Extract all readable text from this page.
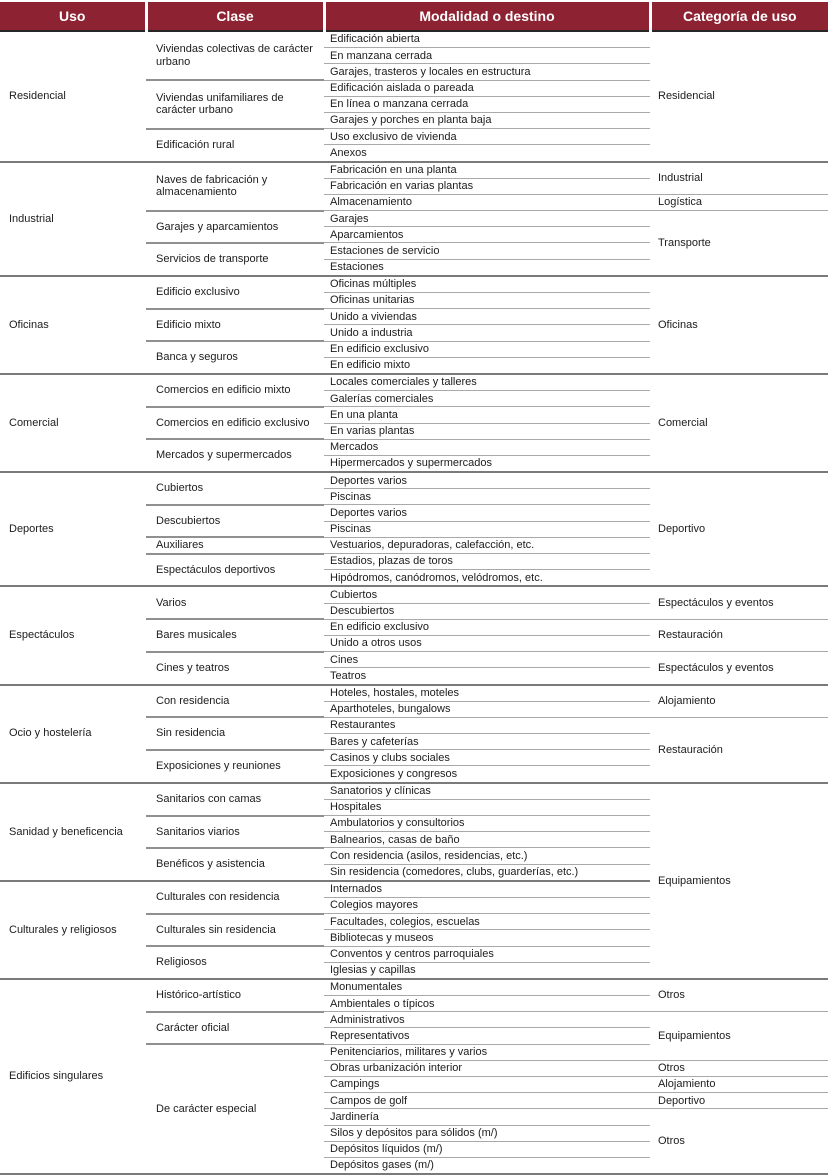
Uso	Clase	Modalidad o destino	Categoría de uso
Residencial	Viviendas colectivas de carácter urbano	Edificación abierta	Residencial
		En manzana cerrada	
		Garajes, trasteros y locales en estructura	
	Viviendas unifamiliares de carácter urbano	Edificación aislada o pareada	
		En línea o manzana cerrada	
		Garajes y porches en planta baja	
	Edificación rural	Uso exclusivo de vivienda	
		Anexos	
Industrial	Naves de fabricación y almacenamiento	Fabricación en una planta	Industrial
		Fabricación en varias plantas	
		Almacenamiento	Logística
	Garajes y aparcamientos	Garajes	Transporte
		Aparcamientos	
	Servicios de transporte	Estaciones de servicio	
		Estaciones	
Oficinas	Edificio exclusivo	Oficinas múltiples	Oficinas
		Oficinas unitarias	
	Edificio mixto	Unido a viviendas	
		Unido a industria	
	Banca y seguros	En edificio exclusivo	
		En edificio mixto	
Comercial	Comercios en edificio mixto	Locales comerciales y talleres	Comercial
		Galerías comerciales	
	Comercios en edificio exclusivo	En una planta	
		En varias plantas	
	Mercados y supermercados	Mercados	
		Hipermercados y supermercados	
Deportes	Cubiertos	Deportes varios	Deportivo
		Piscinas	
	Descubiertos	Deportes varios	
		Piscinas	
	Auxiliares	Vestuarios, depuradoras, calefacción, etc.	
	Espectáculos deportivos	Estadios, plazas de toros	
		Hipódromos, canódromos, velódromos, etc.	
Espectáculos	Varios	Cubiertos	Espectáculos y eventos
		Descubiertos	
	Bares musicales	En edificio exclusivo	Restauración
		Unido a otros usos	
	Cines y teatros	Cines	Espectáculos y eventos
		Teatros	
Ocio y hostelería	Con residencia	Hoteles, hostales, moteles	Alojamiento
		Aparthoteles, bungalows	
	Sin residencia	Restaurantes	Restauración
		Bares y cafeterías	
	Exposiciones y reuniones	Casinos y clubs sociales	
		Exposiciones y congresos	
Sanidad y beneficencia	Sanitarios con camas	Sanatorios y clínicas	Equipamientos
		Hospitales	
	Sanitarios viarios	Ambulatorios y consultorios	
		Balnearios, casas de baño	
	Benéficos y asistencia	Con residencia (asilos, residencias, etc.)	
		Sin residencia (comedores, clubs, guarderías, etc.)	
Culturales y religiosos	Culturales con residencia	Internados	
		Colegios mayores	
	Culturales sin residencia	Facultades, colegios, escuelas	
		Bibliotecas y museos	
	Religiosos	Conventos y centros parroquiales	
		Iglesias y capillas	
Edificios singulares	Histórico-artístico	Monumentales	Otros
		Ambientales o típicos	
	Carácter oficial	Administrativos	Equipamientos
		Representativos	
	De carácter especial	Penitenciarios, militares y varios	
		Obras urbanización interior	Otros
		Campings	Alojamiento
		Campos de golf	Deportivo
		Jardinería	Otros
		Silos y depósitos para sólidos (m/)	
		Depósitos líquidos (m/)	
		Depósitos gases (m/)	
